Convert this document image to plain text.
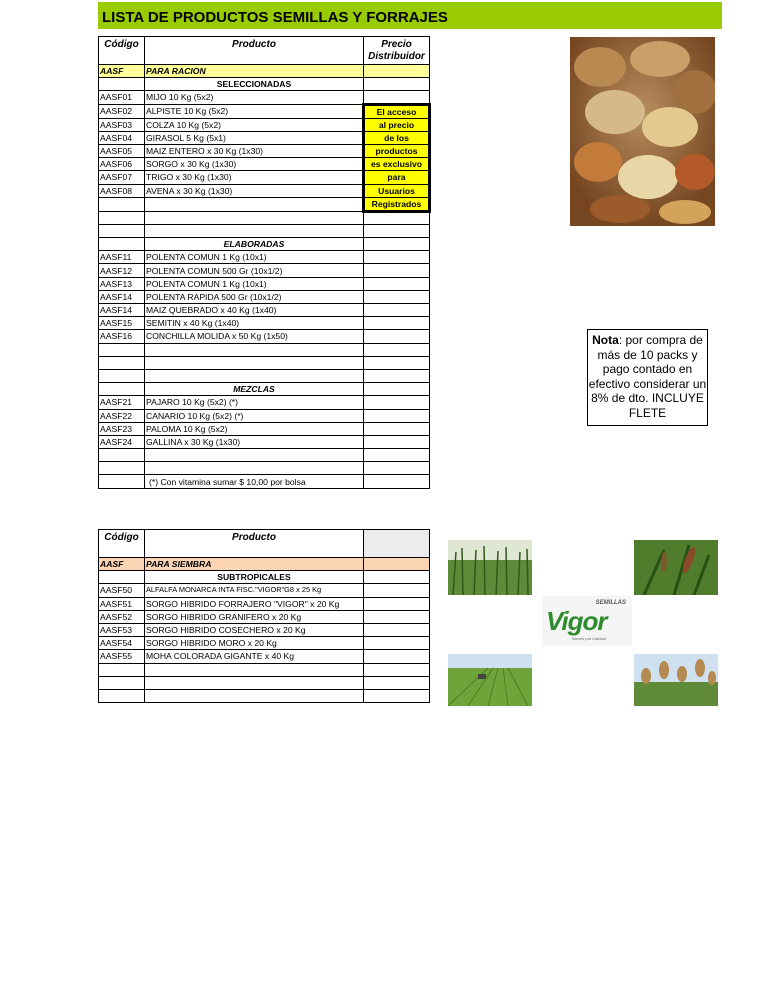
LISTA DE PRODUCTOS SEMILLAS Y FORRAJES
Código	Producto	Precio
Distribuidor
AASF	PARA RACION	
	SELECCIONADAS	
AASF01	MIJO 10 Kg (5x2)	
AASF02	ALPISTE 10 Kg (5x2)	El acceso
AASF03	COLZA 10 Kg (5x2)	al precio
AASF04	GIRASOL 5 Kg (5x1)	de los
AASF05	MAIZ ENTERO x 30 Kg (1x30)	productos
AASF06	SORGO x 30 Kg (1x30)	es exclusivo
AASF07	TRIGO x 30 Kg (1x30)	para
AASF08	AVENA x 30 Kg (1x30)	Usuarios
		Registrados

	ELABORADAS	
AASF11	POLENTA COMUN 1 Kg (10x1)	
AASF12	POLENTA COMUN 500 Gr (10x1/2)	
AASF13	POLENTA COMUN 1 Kg (10x1)	
AASF14	POLENTA RAPIDA 500 Gr (10x1/2)	
AASF14	MAIZ QUEBRADO x 40 Kg (1x40)	
AASF15	SEMITIN x 40 Kg (1x40)	
AASF16	CONCHILLA MOLIDA x 50 Kg (1x50)	

	MEZCLAS	
AASF21	PAJARO 10 Kg (5x2) (*)	
AASF22	CANARIO 10 Kg (5x2) (*)	
AASF23	PALOMA 10 Kg (5x2)	
AASF24	GALLINA x 30 Kg (1x30)	

	(*) Con vitamina sumar $ 10,00 por bolsa	
Código	Producto	
AASF	PARA SIEMBRA	
	SUBTROPICALES	
AASF50	ALFALFA MONARCA INTA FISC."VIGOR"G8 x 25 Kg	
AASF51	SORGO HIBRIDO FORRAJERO "VIGOR" x 20 Kg	
AASF52	SORGO HIBRIDO GRANIFERO x 20 Kg	
AASF53	SORGO HIBRIDO COSECHERO x 20 Kg	
AASF54	SORGO HIBRIDO MORO x 20 Kg	
AASF55	MOHA COLORADA GIGANTE x 40 Kg	

Nota: por compra de más de 10 packs y pago contado en efectivo considerar un 8% de dto. INCLUYE FLETE
SEMILLAS
Vigor
Interés por Calidad
